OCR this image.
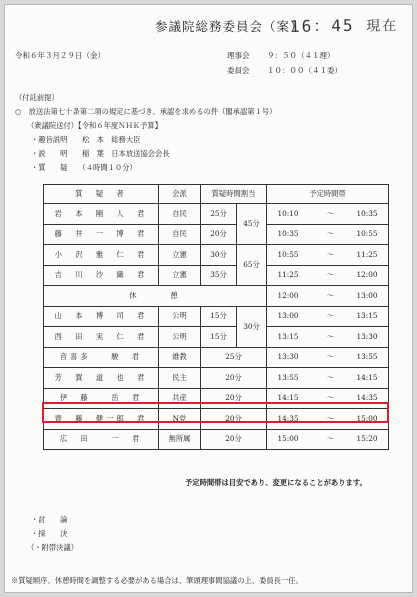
参議院総務委員会（案）
16：45 現在
令和６年３月２９日（金）	理事会 ９：５０（４１理）
委員会 １０：００（４１委）
（付託前提）
○　放送法第七十条第二項の規定に基づき、承認を求めるの件（閣承認第１号）
（衆議院送付）【令和６年度ＮＨＫ予算】
・趣旨説明　　松　本　総務大臣
・説　　明　　稲　葉　日本放送協会会長
・質　　疑　　（４時間１０分）
質　疑　者	会派	質疑時間割当		予定時間帯
岩　本　剛　人　君	自民	25分	45分	10:10 ～ 10:35
藤　井　一　博　君	自民	20分		10:35 ～ 10:55
小　沢　雅　仁　君	立憲	30分	65分	10:55 ～ 11:25
吉　川　沙　織　君	立憲	35分		11:25 ～ 12:00
休　　　憩				12:00 ～ 13:00
山　本　博　司　君	公明	15分	30分	13:00 ～ 13:15
西　田　実　仁　君	公明	15分		13:15 ～ 13:30
音喜多　　駿　君	維教	25分		13:30 ～ 13:55
芳　賀　道　也　君	民主	20分		13:55 ～ 14:15
伊　藤　　岳　君	共産	20分		14:15 ～ 14:35
齊　藤　健一郎　君	N党	20分		14:35 ～ 15:00
広　田　　一　君	無所属	20分		15:00 ～ 15:20
予定時間帯は目安であり、変更になることがあります。
・討　　論
・採　　決
（・附帯決議）
※質疑順序、休憩時間を調整する必要がある場合は、筆頭理事間協議の上、委員長一任。
